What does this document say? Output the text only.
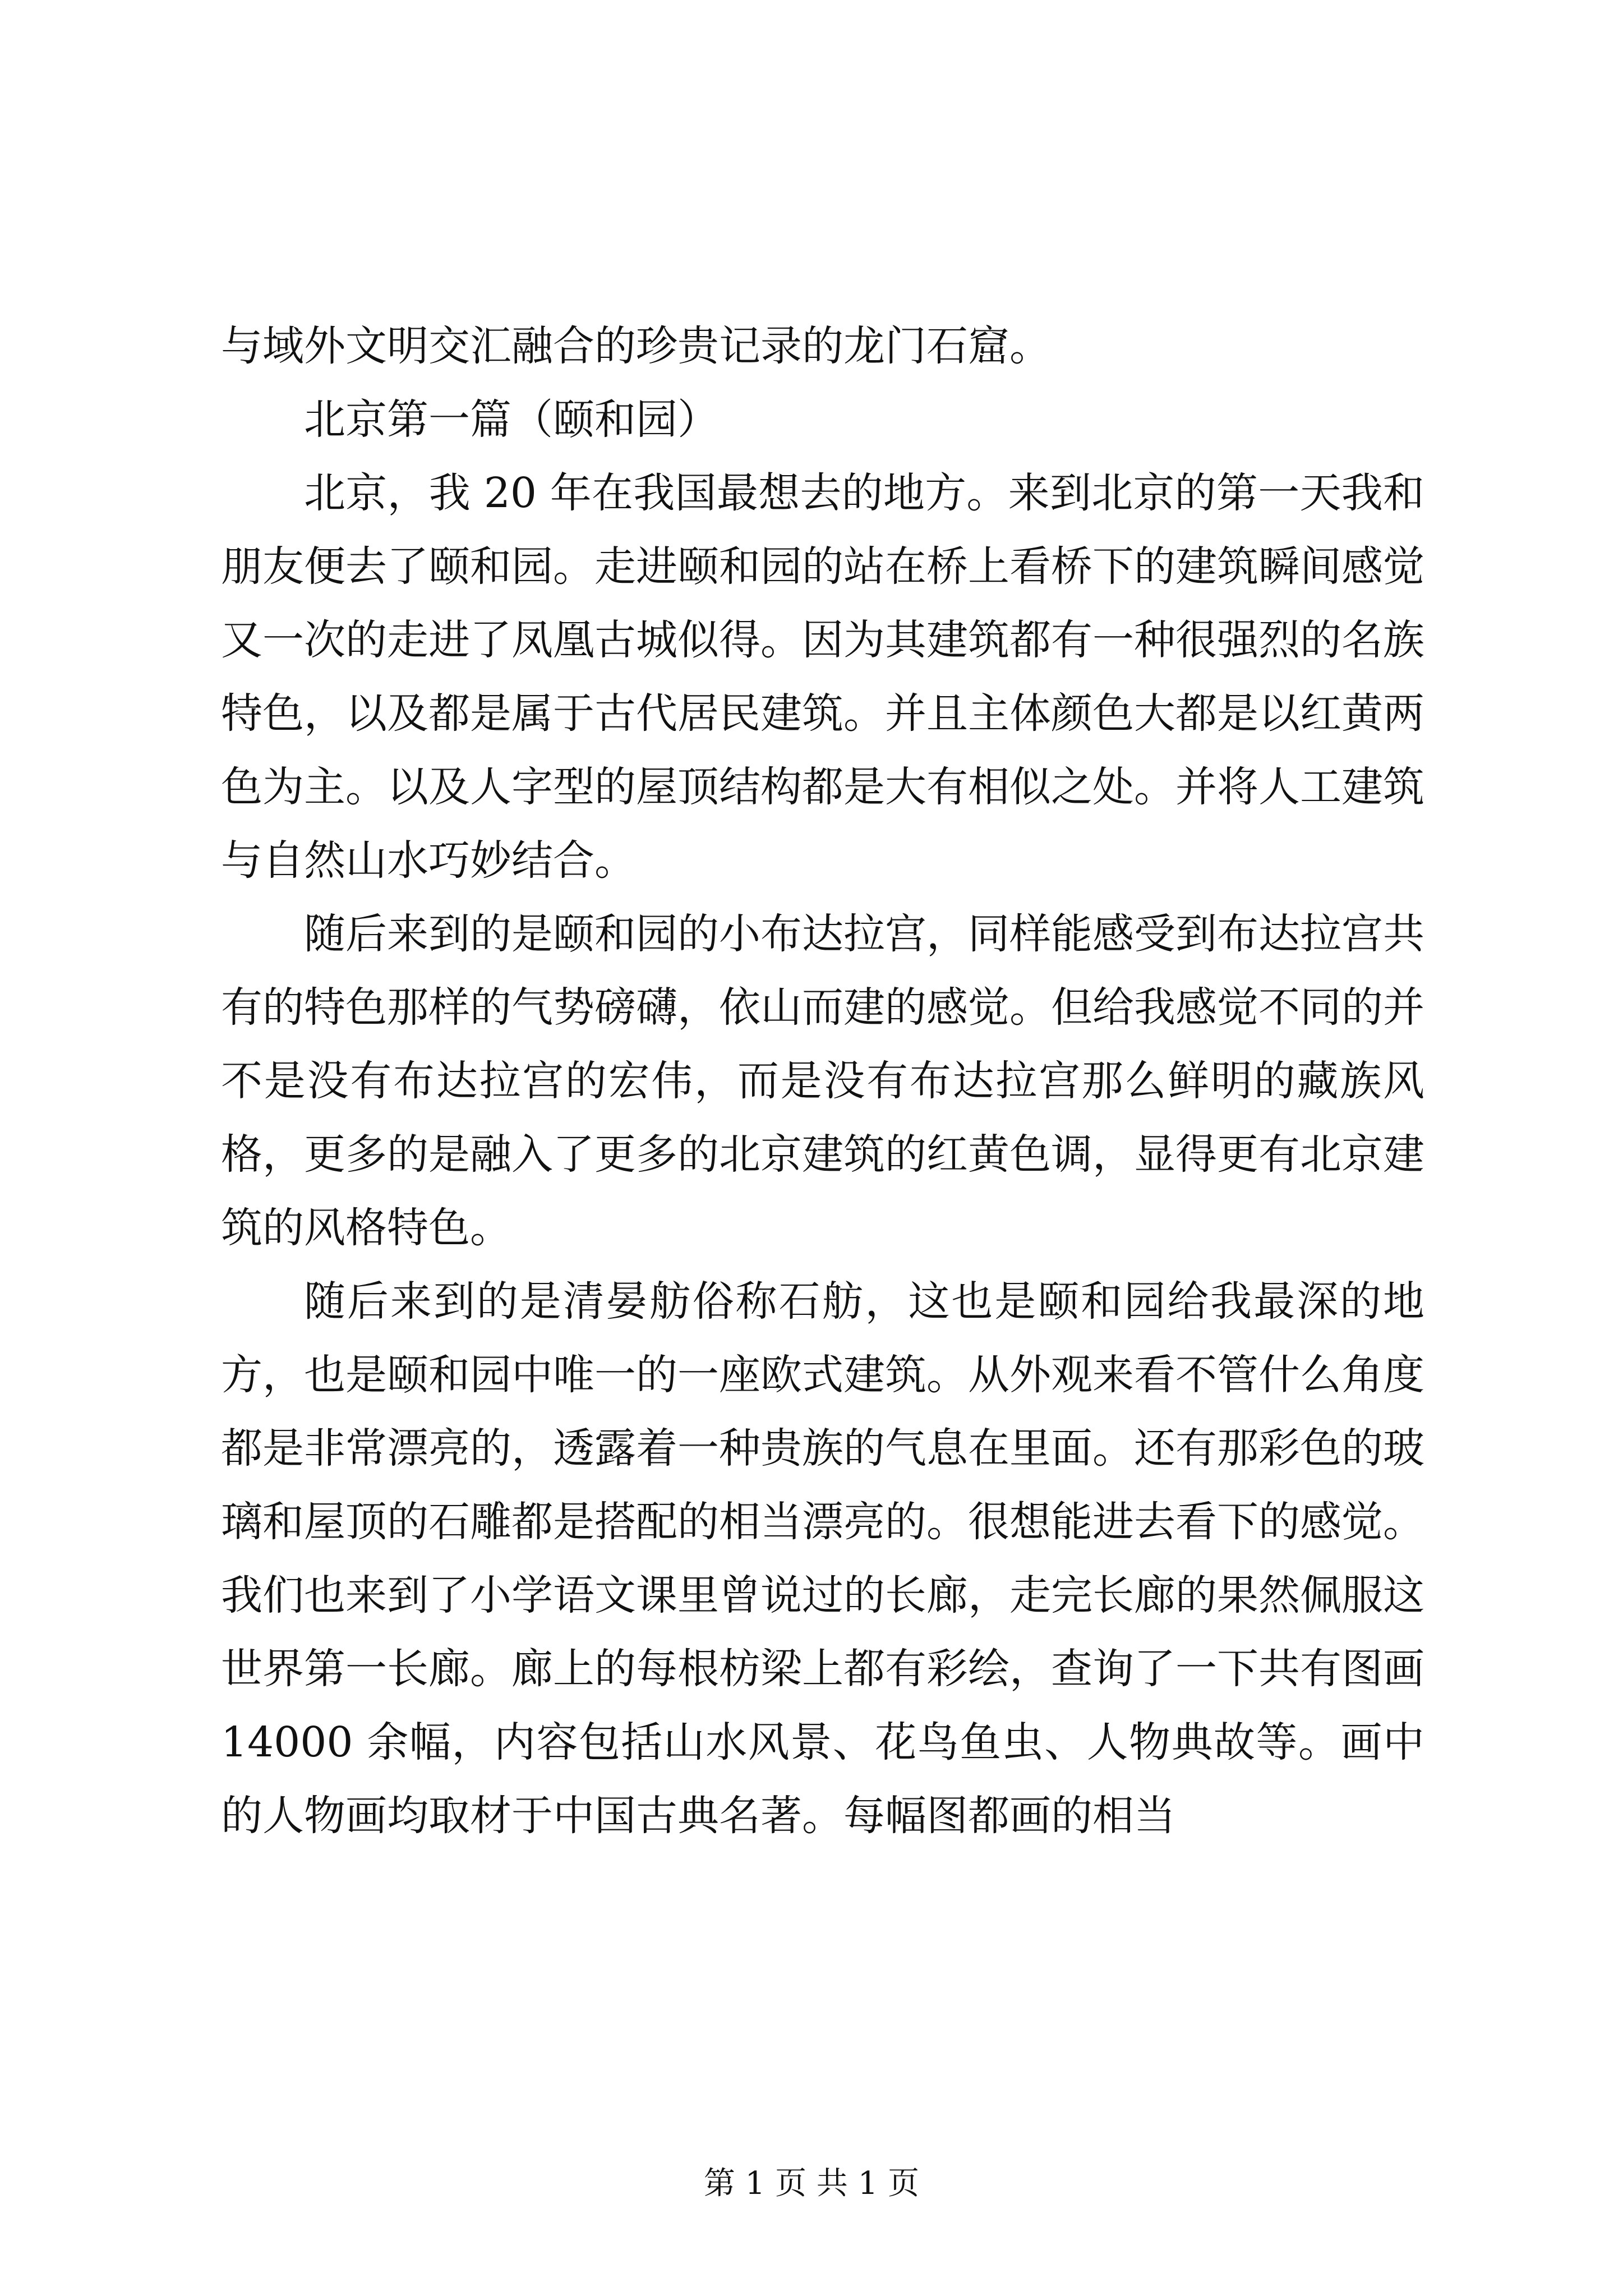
与域外文明交汇融合的珍贵记录的龙门石窟。

北京第一篇（颐和园）

北京，我 20 年在我国最想去的地方。来到北京的第一天我和朋友便去了颐和园。走进颐和园的站在桥上看桥下的建筑瞬间感觉又一次的走进了凤凰古城似得。因为其建筑都有一种很强烈的名族特色，以及都是属于古代居民建筑。并且主体颜色大都是以红黄两色为主。以及人字型的屋顶结构都是大有相似之处。并将人工建筑与自然山水巧妙结合。

随后来到的是颐和园的小布达拉宫，同样能感受到布达拉宫共有的特色那样的气势磅礴，依山而建的感觉。但给我感觉不同的并不是没有布达拉宫的宏伟，而是没有布达拉宫那么鲜明的藏族风格，更多的是融入了更多的北京建筑的红黄色调，显得更有北京建筑的风格特色。

随后来到的是清晏舫俗称石舫，这也是颐和园给我最深的地方，也是颐和园中唯一的一座欧式建筑。从外观来看不管什么角度都是非常漂亮的，透露着一种贵族的气息在里面。还有那彩色的玻璃和屋顶的石雕都是搭配的相当漂亮的。很想能进去看下的感觉。我们也来到了小学语文课里曾说过的长廊，走完长廊的果然佩服这世界第一长廊。廊上的每根枋梁上都有彩绘，查询了一下共有图画 14000 余幅，内容包括山水风景、花鸟鱼虫、人物典故等。画中的人物画均取材于中国古典名著。每幅图都画的相当

第 1 页 共 1 页
